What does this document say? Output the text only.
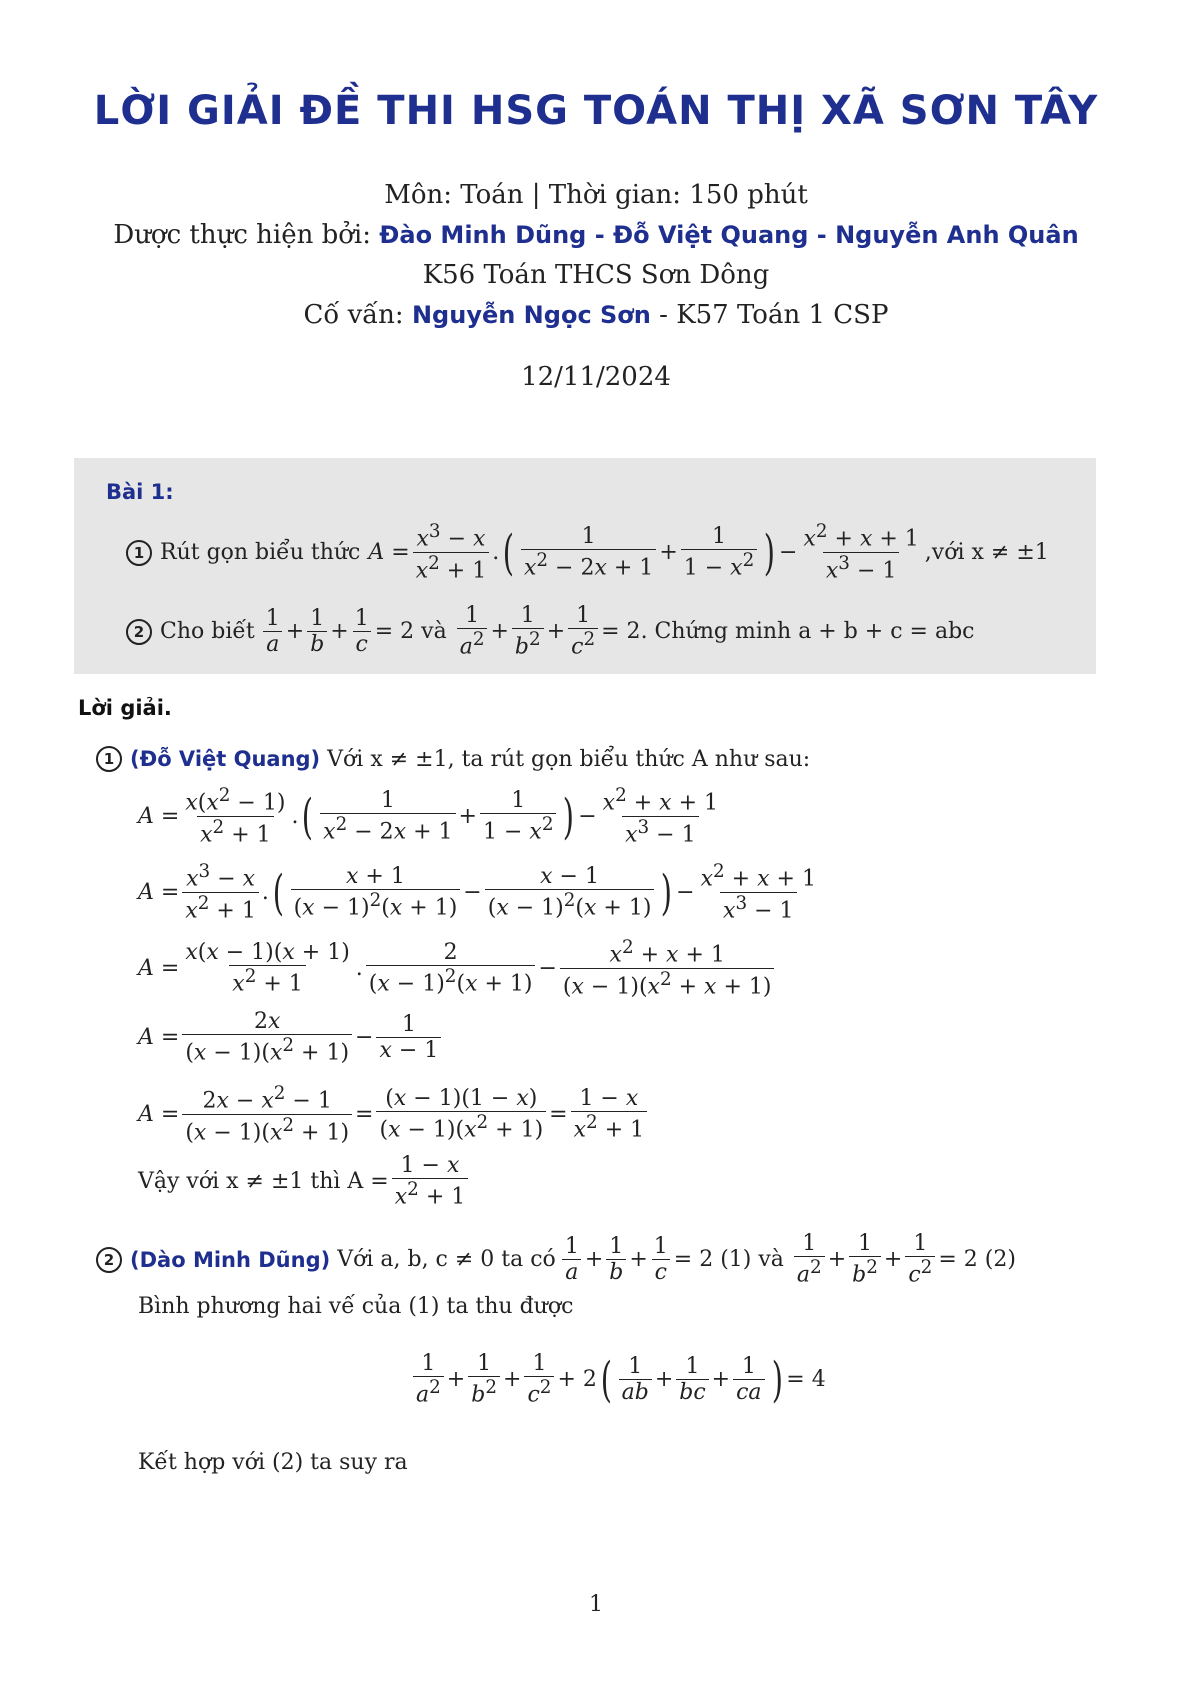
LỜI GIẢI ĐỀ THI HSG TOÁN THỊ XÃ SƠN TÂY
Môn: Toán | Thời gian: 150 phút
Dược thực hiện bởi: Đào Minh Dũng - Đỗ Việt Quang - Nguyễn Anh Quân
K56 Toán THCS Sơn Dông
Cố vấn: Nguyễn Ngọc Sơn - K57 Toán 1 CSP
12/11/2024
Bài 1:
1 Rút gọn biểu thức $A = \frac{x^3 - x}{x^2 + 1}$ . (	1
$x^2 - 2x + 1$
+
1
$1 - x^2$ ) −
$x^2 + x + 1$
$x^3 - 1$
,với x ≠ ±1
2 Cho biết
1
a +
1
b +
1
c = 2 và

1
$a^2$ +
1
$b^2$ +
1
$c^2 = 2$ . Chứng minh a + b + c = abc
Lời giải.
1 (Đỗ Việt Quang)
Với x ≠ ±1, ta rút gọn biểu thức A như sau:
A =
$x(x^2 - 1)$
$x^2 + 1$
. (	1
$x^2 - 2x + 1$
+
1
$1 - x^2$ ) −
$x^2 + x + 1$
$x^3 - 1$
A =
$x^3 - x$
$x^2 + 1$
. (	x + 1
$(x - 1)^2(x + 1)$
−
x − 1
$(x - 1)^2(x + 1)$ ) −
$x^2 + x + 1$
$x^3 - 1$
A =
x(x − 1)(x + 1)
$x^2 + 1$
.
2
$(x - 1)^2(x + 1)$
−
$x^2 + x + 1$
$(x - 1)(x^2 + x + 1)$
A =
2x
$(x - 1)(x^2 + 1)$
−
1
x − 1
A =
$2x - x^2 - 1$
$(x - 1)(x^2 + 1)$
=
(x − 1)(1 − x)
$(x - 1)(x^2 + 1)$
=
1 − x
$x^2 + 1$
Vậy với x ≠ ±1 thì $A = \frac{1 - x}{x^2 + 1}$
2 (Dào Minh Dũng)
Với a, b, c ≠ 0 ta có
1
a +
1
$b + \frac{1}{c} = 2$ (1) và

1
$a^2$ +
1
$b^2 + \frac{1}{c^2} = 2$ (2)
Bình phương hai vế của (1) ta thu được
1
$a^2$ +
1
$b^2$ +
1
$c^2 + 2$ ( 1
ab +
1
bc +
1
ca ) = 4
Kết hợp với (2) ta suy ra
1
